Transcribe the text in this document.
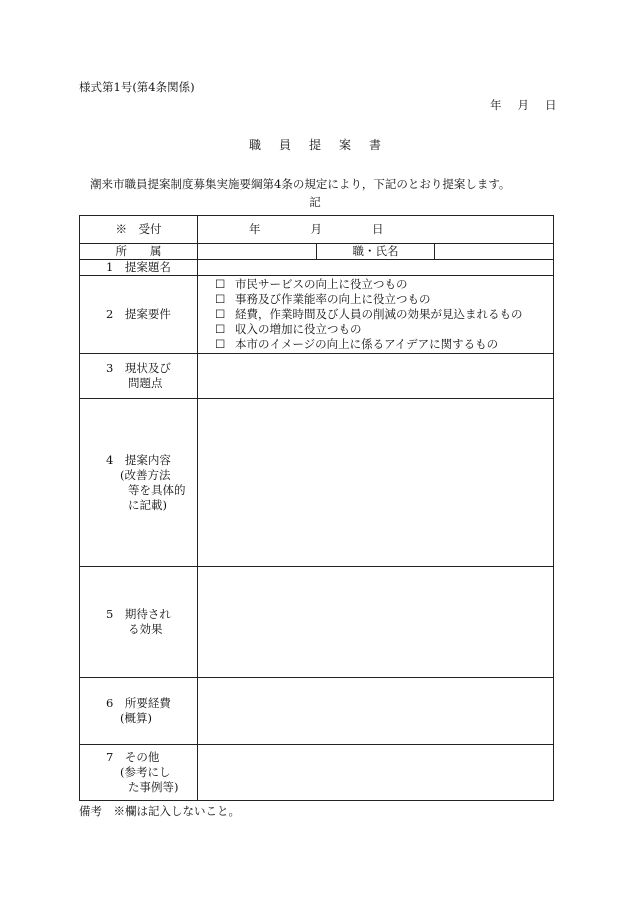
様式第1号(第4条関係)
年 月 日
職 員 提 案 書
潮来市職員提案制度募集実施要綱第4条の規定により，下記のとおり提案します。
記
※　受付	年 月 日		
所　　属		職・氏名	
1　提案題名			
2　提案要件	☐ 市民サービスの向上に役立つもの
☐ 事務及び作業能率の向上に役立つもの
☐ 経費，作業時間及び人員の削減の効果が見込まれるもの
☐ 収入の増加に役立つもの
☐ 本市のイメージの向上に係るアイデアに関するもの		

3　現状及び
問題点			

4　提案内容
(改善方法
等を具体的
に記載)			

5　期待され
る効果			

6　所要経費
(概算)			

7　その他
(参考にし
た事例等)			

備考　※欄は記入しないこと。
